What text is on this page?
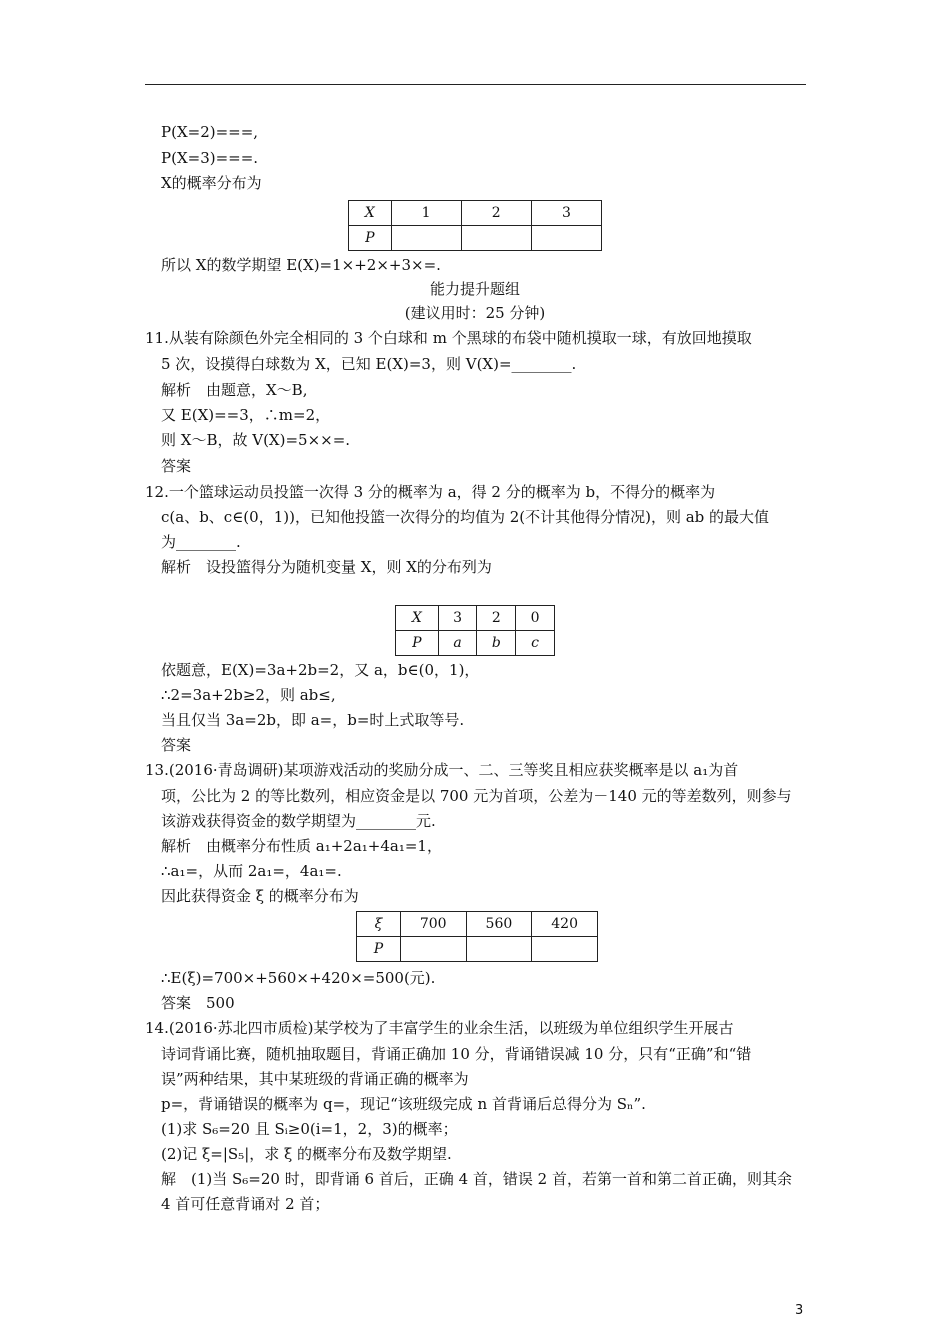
P(X=2)===,
P(X=3)===.
X的概率分布为
X	1	2	3
P			
所以 X的数学期望 E(X)=1×+2×+3×=.
能力提升题组
(建议用时：25 分钟)
11.从装有除颜色外完全相同的 3 个白球和 m 个黑球的布袋中随机摸取一球，有放回地摸取
5 次，设摸得白球数为 X，已知 E(X)=3，则 V(X)=________.
解析　由题意，X～B,
又 E(X)==3，∴m=2，
则 X～B，故 V(X)=5××=.
答案
12.一个篮球运动员投篮一次得 3 分的概率为 a，得 2 分的概率为 b，不得分的概率为
c(a、b、c∈(0，1))，已知他投篮一次得分的均值为 2(不计其他得分情况)，则 ab 的最大值
为________.
解析　设投篮得分为随机变量 X，则 X的分布列为
X	3	2	0
P	a	b	c
依题意，E(X)=3a+2b=2，又 a，b∈(0，1)，
∴2=3a+2b≥2，则 ab≤,
当且仅当 3a=2b，即 a=，b=时上式取等号.
答案
13.(2016·青岛调研)某项游戏活动的奖励分成一、二、三等奖且相应获奖概率是以 a₁为首
项，公比为 2 的等比数列，相应资金是以 700 元为首项，公差为－140 元的等差数列，则参与
该游戏获得资金的数学期望为________元.
解析　由概率分布性质 a₁+2a₁+4a₁=1，
∴a₁=，从而 2a₁=，4a₁=.
因此获得资金 ξ 的概率分布为
ξ	700	560	420
P			
∴E(ξ)=700×+560×+420×=500(元).
答案　500
14.(2016·苏北四市质检)某学校为了丰富学生的业余生活，以班级为单位组织学生开展古
诗词背诵比赛，随机抽取题目，背诵正确加 10 分，背诵错误减 10 分，只有“正确”和“错
误”两种结果，其中某班级的背诵正确的概率为
p=，背诵错误的概率为 q=，现记“该班级完成 n 首背诵后总得分为 Sₙ”.
(1)求 S₆=20 且 Sᵢ≥0(i=1，2，3)的概率；
(2)记 ξ=|S₅|，求 ξ 的概率分布及数学期望.
解　(1)当 S₆=20 时，即背诵 6 首后，正确 4 首，错误 2 首，若第一首和第二首正确，则其余
4 首可任意背诵对 2 首；
3
